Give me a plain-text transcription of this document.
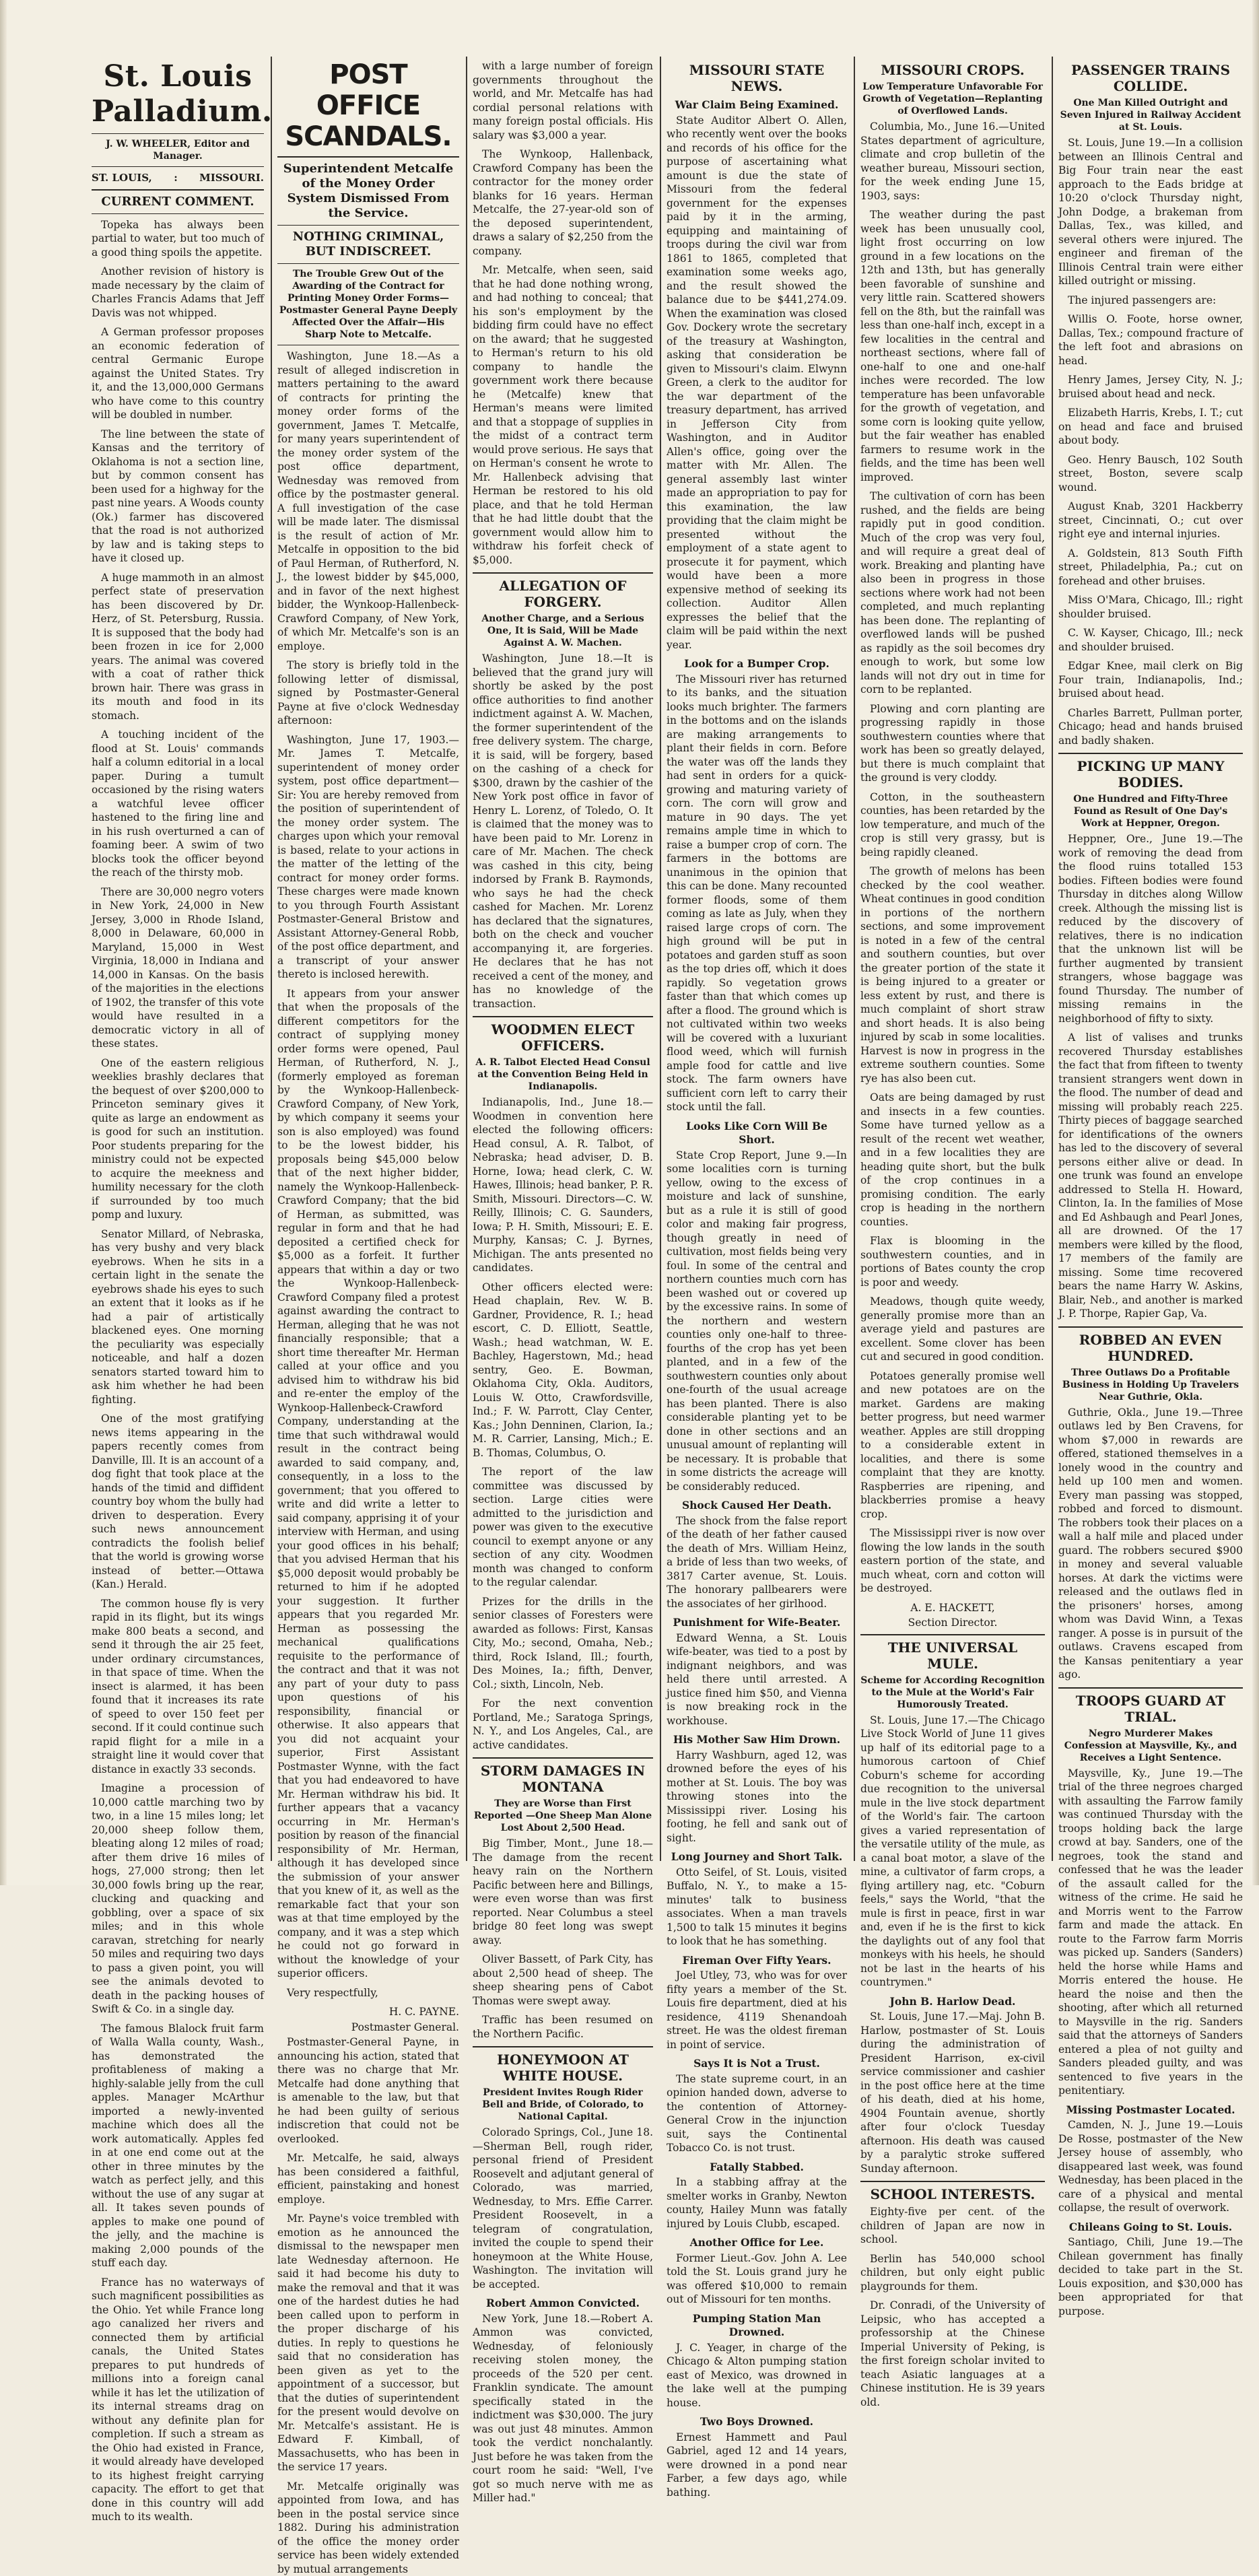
St. Louis Palladium.
J. W. WHEELER, Editor and Manager.
ST. LOUIS, : MISSOURI.
CURRENT COMMENT.

Topeka has always been partial to water, but too much of a good thing spoils the appetite.

Another revision of history is made necessary by the claim of Charles Francis Adams that Jeff Davis was not whipped.

A German professor proposes an economic federation of central Germanic Europe against the United States. Try it, and the 13,000,000 Germans who have come to this country will be doubled in number.

The line between the state of Kansas and the territory of Oklahoma is not a section line, but by common consent has been used for a highway for the past nine years. A Woods county (Ok.) farmer has discovered that the road is not authorized by law and is taking steps to have it closed up.

A huge mammoth in an almost perfect state of preservation has been discovered by Dr. Herz, of St. Petersburg, Russia. It is supposed that the body had been frozen in ice for 2,000 years. The animal was covered with a coat of rather thick brown hair. There was grass in its mouth and food in its stomach.

A touching incident of the flood at St. Louis' commands half a column editorial in a local paper. During a tumult occasioned by the rising waters a watchful levee officer hastened to the firing line and in his rush overturned a can of foaming beer. A swim of two blocks took the officer beyond the reach of the thirsty mob.

There are 30,000 negro voters in New York, 24,000 in New Jersey, 3,000 in Rhode Island, 8,000 in Delaware, 60,000 in Maryland, 15,000 in West Virginia, 18,000 in Indiana and 14,000 in Kansas. On the basis of the majorities in the elections of 1902, the transfer of this vote would have resulted in a democratic victory in all of these states.

One of the eastern religious weeklies brashly declares that the bequest of over $200,000 to Princeton seminary gives it quite as large an endowment as is good for such an institution. Poor students preparing for the ministry could not be expected to acquire the meekness and humility necessary for the cloth if surrounded by too much pomp and luxury.

Senator Millard, of Nebraska, has very bushy and very black eyebrows. When he sits in a certain light in the senate the eyebrows shade his eyes to such an extent that it looks as if he had a pair of artistically blackened eyes. One morning the peculiarity was especially noticeable, and half a dozen senators started toward him to ask him whether he had been fighting.

One of the most gratifying news items appearing in the papers recently comes from Danville, Ill. It is an account of a dog fight that took place at the hands of the timid and diffident country boy whom the bully had driven to desperation. Every such news announcement contradicts the foolish belief that the world is growing worse instead of better.—Ottawa (Kan.) Herald.

The common house fly is very rapid in its flight, but its wings make 800 beats a second, and send it through the air 25 feet, under ordinary circumstances, in that space of time. When the insect is alarmed, it has been found that it increases its rate of speed to over 150 feet per second. If it could continue such rapid flight for a mile in a straight line it would cover that distance in exactly 33 seconds.

Imagine a procession of 10,000 cattle marching two by two, in a line 15 miles long; let 20,000 sheep follow them, bleating along 12 miles of road; after them drive 16 miles of hogs, 27,000 strong; then let 30,000 fowls bring up the rear, clucking and quacking and gobbling, over a space of six miles; and in this whole caravan, stretching for nearly 50 miles and requiring two days to pass a given point, you will see the animals devoted to death in the packing houses of Swift & Co. in a single day.

The famous Blalock fruit farm of Walla Walla county, Wash., has demonstrated the profitableness of making a highly-salable jelly from the cull apples. Manager McArthur imported a newly-invented machine which does all the work automatically. Apples fed in at one end come out at the other in three minutes by the watch as perfect jelly, and this without the use of any sugar at all. It takes seven pounds of apples to make one pound of the jelly, and the machine is making 2,000 pounds of the stuff each day.

France has no waterways of such magnificent possibilities as the Ohio. Yet while France long ago canalized her rivers and connected them by artificial canals, the United States prepares to put hundreds of millions into a foreign canal while it has let the utilization of its internal streams drag on without any definite plan for completion. If such a stream as the Ohio had existed in France, it would already have developed to its highest freight carrying capacity. The effort to get that done in this country will add much to its wealth.

POST OFFICE SCANDALS.
Superintendent Metcalfe of the Money Order System Dismissed From the Service.
NOTHING CRIMINAL, BUT INDISCREET.
The Trouble Grew Out of the Awarding of the Contract for Printing Money Order Forms—Postmaster General Payne Deeply Affected Over the Affair—His Sharp Note to Metcalfe.

Washington, June 18.—As a result of alleged indiscretion in matters pertaining to the award of contracts for printing the money order forms of the government, James T. Metcalfe, for many years superintendent of the money order system of the post office department, Wednesday was removed from office by the postmaster general. A full investigation of the case will be made later. The dismissal is the result of action of Mr. Metcalfe in opposition to the bid of Paul Herman, of Rutherford, N. J., the lowest bidder by $45,000, and in favor of the next highest bidder, the Wynkoop-Hallenbeck-Crawford Company, of New York, of which Mr. Metcalfe's son is an employe.

The story is briefly told in the following letter of dismissal, signed by Postmaster-General Payne at five o'clock Wednesday afternoon:

Washington, June 17, 1903.—Mr. James T. Metcalfe, superintendent of money order system, post office department—Sir: You are hereby removed from the position of superintendent of the money order system. The charges upon which your removal is based, relate to your actions in the matter of the letting of the contract for money order forms. These charges were made known to you through Fourth Assistant Postmaster-General Bristow and Assistant Attorney-General Robb, of the post office department, and a transcript of your answer thereto is inclosed herewith.

It appears from your answer that when the proposals of the different competitors for the contract of supplying money order forms were opened, Paul Herman, of Rutherford, N. J., (formerly employed as foreman by the Wynkoop-Hallenbeck-Crawford Company, of New York, by which company it seems your son is also employed) was found to be the lowest bidder, his proposals being $45,000 below that of the next higher bidder, namely the Wynkoop-Hallenbeck-Crawford Company; that the bid of Herman, as submitted, was regular in form and that he had deposited a certified check for $5,000 as a forfeit. It further appears that within a day or two the Wynkoop-Hallenbeck-Crawford Company filed a protest against awarding the contract to Herman, alleging that he was not financially responsible; that a short time thereafter Mr. Herman called at your office and you advised him to withdraw his bid and re-enter the employ of the Wynkoop-Hallenbeck-Crawford Company, understanding at the time that such withdrawal would result in the contract being awarded to said company, and, consequently, in a loss to the government; that you offered to write and did write a letter to said company, apprising it of your interview with Herman, and using your good offices in his behalf; that you advised Herman that his $5,000 deposit would probably be returned to him if he adopted your suggestion. It further appears that you regarded Mr. Herman as possessing the mechanical qualifications requisite to the performance of the contract and that it was not any part of your duty to pass upon questions of his responsibility, financial or otherwise. It also appears that you did not acquaint your superior, First Assistant Postmaster Wynne, with the fact that you had endeavored to have Mr. Herman withdraw his bid. It further appears that a vacancy occurring in Mr. Herman's position by reason of the financial responsibility of Mr. Herman, although it has developed since the submission of your answer that you knew of it, as well as the remarkable fact that your son was at that time employed by the company, and it was a step which he could not go forward in without the knowledge of your superior officers.

Very respectfully,

H. C. PAYNE.
Postmaster General.

Postmaster-General Payne, in announcing his action, stated that there was no charge that Mr. Metcalfe had done anything that is amenable to the law, but that he had been guilty of serious indiscretion that could not be overlooked.

Mr. Metcalfe, he said, always has been considered a faithful, efficient, painstaking and honest employe.

Mr. Payne's voice trembled with emotion as he announced the dismissal to the newspaper men late Wednesday afternoon. He said it had become his duty to make the removal and that it was one of the hardest duties he had been called upon to perform in the proper discharge of his duties. In reply to questions he said that no consideration has been given as yet to the appointment of a successor, but that the duties of superintendent for the present would devolve on Mr. Metcalfe's assistant. He is Edward F. Kimball, of Massachusetts, who has been in the service 17 years.

Mr. Metcalfe originally was appointed from Iowa, and has been in the postal service since 1882. During his administration of the office the money order service has been widely extended by mutual arrangements

with a large number of foreign governments throughout the world, and Mr. Metcalfe has had cordial personal relations with many foreign postal officials. His salary was $3,000 a year.

The Wynkoop, Hallenback, Crawford Company has been the contractor for the money order blanks for 16 years. Herman Metcalfe, the 27-year-old son of the deposed superintendent, draws a salary of $2,250 from the company.

Mr. Metcalfe, when seen, said that he had done nothing wrong, and had nothing to conceal; that his son's employment by the bidding firm could have no effect on the award; that he suggested to Herman's return to his old company to handle the government work there because he (Metcalfe) knew that Herman's means were limited and that a stoppage of supplies in the midst of a contract term would prove serious. He says that on Herman's consent he wrote to Mr. Hallenbeck advising that Herman be restored to his old place, and that he told Herman that he had little doubt that the government would allow him to withdraw his forfeit check of $5,000.

ALLEGATION OF FORGERY.
Another Charge, and a Serious One, It is Said, Will be Made Against A. W. Machen.

Washington, June 18.—It is believed that the grand jury will shortly be asked by the post office authorities to find another indictment against A. W. Machen, the former superintendent of the free delivery system. The charge, it is said, will be forgery, based on the cashing of a check for $300, drawn by the cashier of the New York post office in favor of Henry L. Lorenz, of Toledo, O. It is claimed that the money was to have been paid to Mr. Lorenz in care of Mr. Machen. The check was cashed in this city, being indorsed by Frank B. Raymonds, who says he had the check cashed for Machen. Mr. Lorenz has declared that the signatures, both on the check and voucher accompanying it, are forgeries. He declares that he has not received a cent of the money, and has no knowledge of the transaction.

WOODMEN ELECT OFFICERS.
A. R. Talbot Elected Head Consul at the Convention Being Held in Indianapolis.

Indianapolis, Ind., June 18.—Woodmen in convention here elected the following officers: Head consul, A. R. Talbot, of Nebraska; head adviser, D. B. Horne, Iowa; head clerk, C. W. Hawes, Illinois; head banker, P. R. Smith, Missouri. Directors—C. W. Reilly, Illinois; C. G. Saunders, Iowa; P. H. Smith, Missouri; E. E. Murphy, Kansas; C. J. Byrnes, Michigan. The ants presented no candidates.

Other officers elected were: Head chaplain, Rev. W. B. Gardner, Providence, R. I.; head escort, C. D. Elliott, Seattle, Wash.; head watchman, W. E. Bachley, Hagerstown, Md.; head sentry, Geo. E. Bowman, Oklahoma City, Okla. Auditors, Louis W. Otto, Crawfordsville, Ind.; F. W. Parrott, Clay Center, Kas.; John Denninen, Clarion, Ia.; M. R. Carrier, Lansing, Mich.; E. B. Thomas, Columbus, O.

The report of the law committee was discussed by section. Large cities were admitted to the jurisdiction and power was given to the executive council to exempt anyone or any section of any city. Woodmen month was changed to conform to the regular calendar.

Prizes for the drills in the senior classes of Foresters were awarded as follows: First, Kansas City, Mo.; second, Omaha, Neb.; third, Rock Island, Ill.; fourth, Des Moines, Ia.; fifth, Denver, Col.; sixth, Lincoln, Neb.

For the next convention Portland, Me.; Saratoga Springs, N. Y., and Los Angeles, Cal., are active candidates.

STORM DAMAGES IN MONTANA
They are Worse than First Reported —One Sheep Man Alone Lost About 2,500 Head.

Big Timber, Mont., June 18.—The damage from the recent heavy rain on the Northern Pacific between here and Billings, were even worse than was first reported. Near Columbus a steel bridge 80 feet long was swept away.

Oliver Bassett, of Park City, has about 2,500 head of sheep. The sheep shearing pens of Cabot Thomas were swept away.

Traffic has been resumed on the Northern Pacific.

HONEYMOON AT WHITE HOUSE.
President Invites Rough Rider Bell and Bride, of Colorado, to National Capital.

Colorado Springs, Col., June 18.—Sherman Bell, rough rider, personal friend of President Roosevelt and adjutant general of Colorado, was married, Wednesday, to Mrs. Effie Carrer. President Roosevelt, in a telegram of congratulation, invited the couple to spend their honeymoon at the White House, Washington. The invitation will be accepted.

Robert Ammon Convicted.

New York, June 18.—Robert A. Ammon was convicted, Wednesday, of feloniously receiving stolen money, the proceeds of the 520 per cent. Franklin syndicate. The amount specifically stated in the indictment was $30,000. The jury was out just 48 minutes. Ammon took the verdict nonchalantly. Just before he was taken from the court room he said: "Well, I've got so much nerve with me as Miller had."

MISSOURI STATE NEWS.
War Claim Being Examined.

State Auditor Albert O. Allen, who recently went over the books and records of his office for the purpose of ascertaining what amount is due the state of Missouri from the federal government for the expenses paid by it in the arming, equipping and maintaining of troops during the civil war from 1861 to 1865, completed that examination some weeks ago, and the result showed the balance due to be $441,274.09. When the examination was closed Gov. Dockery wrote the secretary of the treasury at Washington, asking that consideration be given to Missouri's claim. Elwynn Green, a clerk to the auditor for the war department of the treasury department, has arrived in Jefferson City from Washington, and in Auditor Allen's office, going over the matter with Mr. Allen. The general assembly last winter made an appropriation to pay for this examination, the law providing that the claim might be presented without the employment of a state agent to prosecute it for payment, which would have been a more expensive method of seeking its collection. Auditor Allen expresses the belief that the claim will be paid within the next year.

Look for a Bumper Crop.

The Missouri river has returned to its banks, and the situation looks much brighter. The farmers in the bottoms and on the islands are making arrangements to plant their fields in corn. Before the water was off the lands they had sent in orders for a quick-growing and maturing variety of corn. The corn will grow and mature in 90 days. The yet remains ample time in which to raise a bumper crop of corn. The farmers in the bottoms are unanimous in the opinion that this can be done. Many recounted former floods, some of them coming as late as July, when they raised large crops of corn. The high ground will be put in potatoes and garden stuff as soon as the top dries off, which it does rapidly. So vegetation grows faster than that which comes up after a flood. The ground which is not cultivated within two weeks will be covered with a luxuriant flood weed, which will furnish ample food for cattle and live stock. The farm owners have sufficient corn left to carry their stock until the fall.

Looks Like Corn Will Be Short.

State Crop Report, June 9.—In some localities corn is turning yellow, owing to the excess of moisture and lack of sunshine, but as a rule it is still of good color and making fair progress, though greatly in need of cultivation, most fields being very foul. In some of the central and northern counties much corn has been washed out or covered up by the excessive rains. In some of the northern and western counties only one-half to three-fourths of the crop has yet been planted, and in a few of the southwestern counties only about one-fourth of the usual acreage has been planted. There is also considerable planting yet to be done in other sections and an unusual amount of replanting will be necessary. It is probable that in some districts the acreage will be considerably reduced.

Shock Caused Her Death.

The shock from the false report of the death of her father caused the death of Mrs. William Heinz, a bride of less than two weeks, of 3817 Carter avenue, St. Louis. The honorary pallbearers were the associates of her girlhood.

Punishment for Wife-Beater.

Edward Wenna, a St. Louis wife-beater, was tied to a post by indignant neighbors, and was held there until arrested. A justice fined him $50, and Vienna is now breaking rock in the workhouse.

His Mother Saw Him Drown.

Harry Washburn, aged 12, was drowned before the eyes of his mother at St. Louis. The boy was throwing stones into the Mississippi river. Losing his footing, he fell and sank out of sight.

Long Journey and Short Talk.

Otto Seifel, of St. Louis, visited Buffalo, N. Y., to make a 15-minutes' talk to business associates. When a man travels 1,500 to talk 15 minutes it begins to look that he has something.

Fireman Over Fifty Years.

Joel Utley, 73, who was for over fifty years a member of the St. Louis fire department, died at his residence, 4119 Shenandoah street. He was the oldest fireman in point of service.

Says It is Not a Trust.

The state supreme court, in an opinion handed down, adverse to the contention of Attorney-General Crow in the injunction suit, says the Continental Tobacco Co. is not trust.

Fatally Stabbed.

In a stabbing affray at the smelter works in Granby, Newton county, Hailey Munn was fatally injured by Louis Clubb, escaped.

Another Office for Lee.

Former Lieut.-Gov. John A. Lee told the St. Louis grand jury he was offered $10,000 to remain out of Missouri for ten months.

Pumping Station Man Drowned.

J. C. Yeager, in charge of the Chicago & Alton pumping station east of Mexico, was drowned in the lake well at the pumping house.

Two Boys Drowned.

Ernest Hammett and Paul Gabriel, aged 12 and 14 years, were drowned in a pond near Farber, a few days ago, while bathing.

MISSOURI CROPS.
Low Temperature Unfavorable For Growth of Vegetation—Replanting of Overflowed Lands.

Columbia, Mo., June 16.—United States department of agriculture, climate and crop bulletin of the weather bureau, Missouri section, for the week ending June 15, 1903, says:

The weather during the past week has been unusually cool, light frost occurring on low ground in a few locations on the 12th and 13th, but has generally been favorable of sunshine and very little rain. Scattered showers fell on the 8th, but the rainfall was less than one-half inch, except in a few localities in the central and northeast sections, where fall of one-half to one and one-half inches were recorded. The low temperature has been unfavorable for the growth of vegetation, and some corn is looking quite yellow, but the fair weather has enabled farmers to resume work in the fields, and the time has been well improved.

The cultivation of corn has been rushed, and the fields are being rapidly put in good condition. Much of the crop was very foul, and will require a great deal of work. Breaking and planting have also been in progress in those sections where work had not been completed, and much replanting has been done. The replanting of overflowed lands will be pushed as rapidly as the soil becomes dry enough to work, but some low lands will not dry out in time for corn to be replanted.

Plowing and corn planting are progressing rapidly in those southwestern counties where that work has been so greatly delayed, but there is much complaint that the ground is very cloddy.

Cotton, in the southeastern counties, has been retarded by the low temperature, and much of the crop is still very grassy, but is being rapidly cleaned.

The growth of melons has been checked by the cool weather. Wheat continues in good condition in portions of the northern sections, and some improvement is noted in a few of the central and southern counties, but over the greater portion of the state it is being injured to a greater or less extent by rust, and there is much complaint of short straw and short heads. It is also being injured by scab in some localities. Harvest is now in progress in the extreme southern counties. Some rye has also been cut.

Oats are being damaged by rust and insects in a few counties. Some have turned yellow as a result of the recent wet weather, and in a few localities they are heading quite short, but the bulk of the crop continues in a promising condition. The early crop is heading in the northern counties.

Flax is blooming in the southwestern counties, and in portions of Bates county the crop is poor and weedy.

Meadows, though quite weedy, generally promise more than an average yield and pastures are excellent. Some clover has been cut and secured in good condition.

Potatoes generally promise well and new potatoes are on the market. Gardens are making better progress, but need warmer weather. Apples are still dropping to a considerable extent in localities, and there is some complaint that they are knotty. Raspberries are ripening, and blackberries promise a heavy crop.

The Mississippi river is now over flowing the low lands in the south eastern portion of the state, and much wheat, corn and cotton will be destroyed.

A. E. HACKETT,
Section Director.
THE UNIVERSAL MULE.
Scheme for According Recognition to the Mule at the World's Fair Humorously Treated.

St. Louis, June 17.—The Chicago Live Stock World of June 11 gives up half of its editorial page to a humorous cartoon of Chief Coburn's scheme for according due recognition to the universal mule in the live stock department of the World's fair. The cartoon gives a varied representation of the versatile utility of the mule, as a canal boat motor, a slave of the mine, a cultivator of farm crops, a flying artillery nag, etc. "Coburn feels," says the World, "that the mule is first in peace, first in war and, even if he is the first to kick the daylights out of any fool that monkeys with his heels, he should not be last in the hearts of his countrymen."

John B. Harlow Dead.

St. Louis, June 17.—Maj. John B. Harlow, postmaster of St. Louis during the administration of President Harrison, ex-civil service commissioner and cashier in the post office here at the time of his death, died at his home, 4904 Fountain avenue, shortly after four o'clock Tuesday afternoon. His death was caused by a paralytic stroke suffered Sunday afternoon.

SCHOOL INTERESTS.

Eighty-five per cent. of the children of Japan are now in school.

Berlin has 540,000 school children, but only eight public playgrounds for them.

Dr. Conradi, of the University of Leipsic, who has accepted a professorship at the Chinese Imperial University of Peking, is the first foreign scholar invited to teach Asiatic languages at a Chinese institution. He is 39 years old.

PASSENGER TRAINS COLLIDE.
One Man Killed Outright and Seven Injured in Railway Accident at St. Louis.

St. Louis, June 19.—In a collision between an Illinois Central and Big Four train near the east approach to the Eads bridge at 10:20 o'clock Thursday night, John Dodge, a brakeman from Dallas, Tex., was killed, and several others were injured. The engineer and fireman of the Illinois Central train were either killed outright or missing.

The injured passengers are:

Willis O. Foote, horse owner, Dallas, Tex.; compound fracture of the left foot and abrasions on head.

Henry James, Jersey City, N. J.; bruised about head and neck.

Elizabeth Harris, Krebs, I. T.; cut on head and face and bruised about body.

Geo. Henry Bausch, 102 South street, Boston, severe scalp wound.

August Knab, 3201 Hackberry street, Cincinnati, O.; cut over right eye and internal injuries.

A. Goldstein, 813 South Fifth street, Philadelphia, Pa.; cut on forehead and other bruises.

Miss O'Mara, Chicago, Ill.; right shoulder bruised.

C. W. Kayser, Chicago, Ill.; neck and shoulder bruised.

Edgar Knee, mail clerk on Big Four train, Indianapolis, Ind.; bruised about head.

Charles Barrett, Pullman porter, Chicago; head and hands bruised and badly shaken.

PICKING UP MANY BODIES.
One Hundred and Fifty-Three Found as Result of One Day's Work at Heppner, Oregon.

Heppner, Ore., June 19.—The work of removing the dead from the flood ruins totalled 153 bodies. Fifteen bodies were found Thursday in ditches along Willow creek. Although the missing list is reduced by the discovery of relatives, there is no indication that the unknown list will be further augmented by transient strangers, whose baggage was found Thursday. The number of missing remains in the neighborhood of fifty to sixty.

A list of valises and trunks recovered Thursday establishes the fact that from fifteen to twenty transient strangers went down in the flood. The number of dead and missing will probably reach 225. Thirty pieces of baggage searched for identifications of the owners has led to the discovery of several persons either alive or dead. In one trunk was found an envelope addressed to Stella H. Howard, Clinton, Ia. In the families of Mose and Ed Ashbaugh and Pearl Jones, all are drowned. Of the 17 members were killed by the flood, 17 members of the family are missing. Some time recovered bears the name Harry W. Askins, Blair, Neb., and another is marked J. P. Thorpe, Rapier Gap, Va.

ROBBED AN EVEN HUNDRED.
Three Outlaws Do a Profitable Business in Holding Up Travelers Near Guthrie, Okla.

Guthrie, Okla., June 19.—Three outlaws led by Ben Cravens, for whom $7,000 in rewards are offered, stationed themselves in a lonely wood in the country and held up 100 men and women. Every man passing was stopped, robbed and forced to dismount. The robbers took their places on a wall a half mile and placed under guard. The robbers secured $900 in money and several valuable horses. At dark the victims were released and the outlaws fled in the prisoners' horses, among whom was David Winn, a Texas ranger. A posse is in pursuit of the outlaws. Cravens escaped from the Kansas penitentiary a year ago.

TROOPS GUARD AT TRIAL.
Negro Murderer Makes Confession at Maysville, Ky., and Receives a Light Sentence.

Maysville, Ky., June 19.—The trial of the three negroes charged with assaulting the Farrow family was continued Thursday with the troops holding back the large crowd at bay. Sanders, one of the negroes, took the stand and confessed that he was the leader of the assault called for the witness of the crime. He said he and Morris went to the Farrow farm and made the attack. En route to the Farrow farm Morris was picked up. Sanders (Sanders) held the horse while Hams and Morris entered the house. He heard the noise and then the shooting, after which all returned to Maysville in the rig. Sanders said that the attorneys of Sanders entered a plea of not guilty and Sanders pleaded guilty, and was sentenced to five years in the penitentiary.

Missing Postmaster Located.

Camden, N. J., June 19.—Louis De Rosse, postmaster of the New Jersey house of assembly, who disappeared last week, was found Wednesday, has been placed in the care of a physical and mental collapse, the result of overwork.

Chileans Going to St. Louis.

Santiago, Chili, June 19.—The Chilean government has finally decided to take part in the St. Louis exposition, and $30,000 has been appropriated for that purpose.
